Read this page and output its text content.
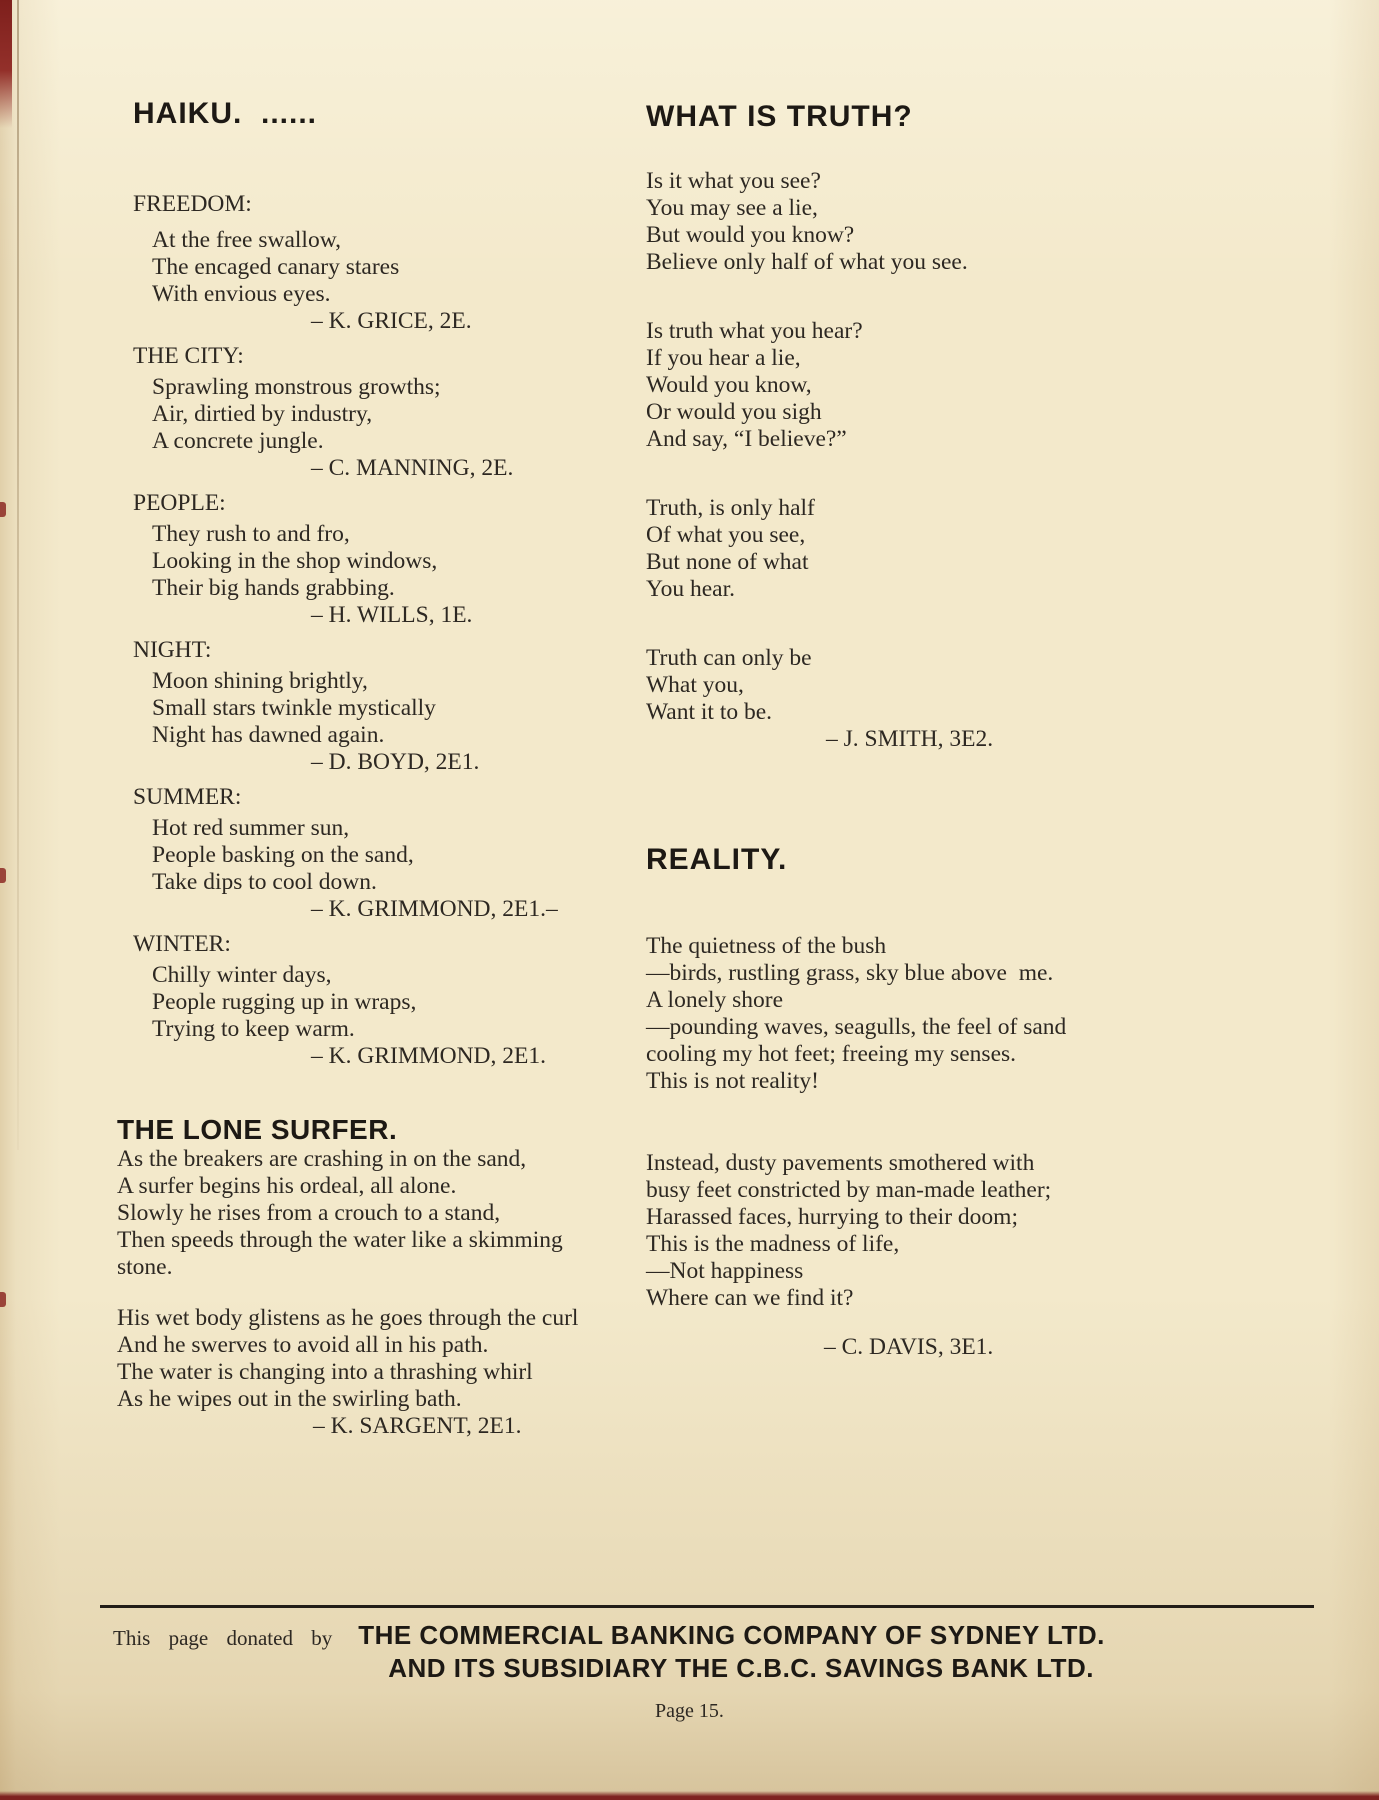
HAIKU.  ......
FREEDOM:
At the free swallow,
The encaged canary stares
With envious eyes.
– K. GRICE, 2E.
THE CITY:
Sprawling monstrous growths;
Air, dirtied by industry,
A concrete jungle.
– C. MANNING, 2E.
PEOPLE:
They rush to and fro,
Looking in the shop windows,
Their big hands grabbing.
– H. WILLS, 1E.
NIGHT:
Moon shining brightly,
Small stars twinkle mystically
Night has dawned again.
– D. BOYD, 2E1.
SUMMER:
Hot red summer sun,
People basking on the sand,
Take dips to cool down.
– K. GRIMMOND, 2E1.–
WINTER:
Chilly winter days,
People rugging up in wraps,
Trying to keep warm.
– K. GRIMMOND, 2E1.
THE LONE SURFER.
As the breakers are crashing in on the sand,
A surfer begins his ordeal, all alone.
Slowly he rises from a crouch to a stand,
Then speeds through the water like a skimming
stone.
His wet body glistens as he goes through the curl
And he swerves to avoid all in his path.
The water is changing into a thrashing whirl
As he wipes out in the swirling bath.
– K. SARGENT, 2E1.
WHAT IS TRUTH?
Is it what you see?
You may see a lie,
But would you know?
Believe only half of what you see.
Is truth what you hear?
If you hear a lie,
Would you know,
Or would you sigh
And say, “I believe?”
Truth, is only half
Of what you see,
But none of what
You hear.
Truth can only be
What you,
Want it to be.
– J. SMITH, 3E2.
REALITY.
The quietness of the bush
—birds, rustling grass, sky blue above  me.
A lonely shore
—pounding waves, seagulls, the feel of sand
cooling my hot feet; freeing my senses.
This is not reality!
Instead, dusty pavements smothered with
busy feet constricted by man-made leather;
Harassed faces, hurrying to their doom;
This is the madness of life,
—Not happiness
Where can we find it?
– C. DAVIS, 3E1.
This page donated by THE COMMERCIAL BANKING COMPANY OF SYDNEY LTD.
AND ITS SUBSIDIARY THE C.B.C. SAVINGS BANK LTD.
Page 15.
